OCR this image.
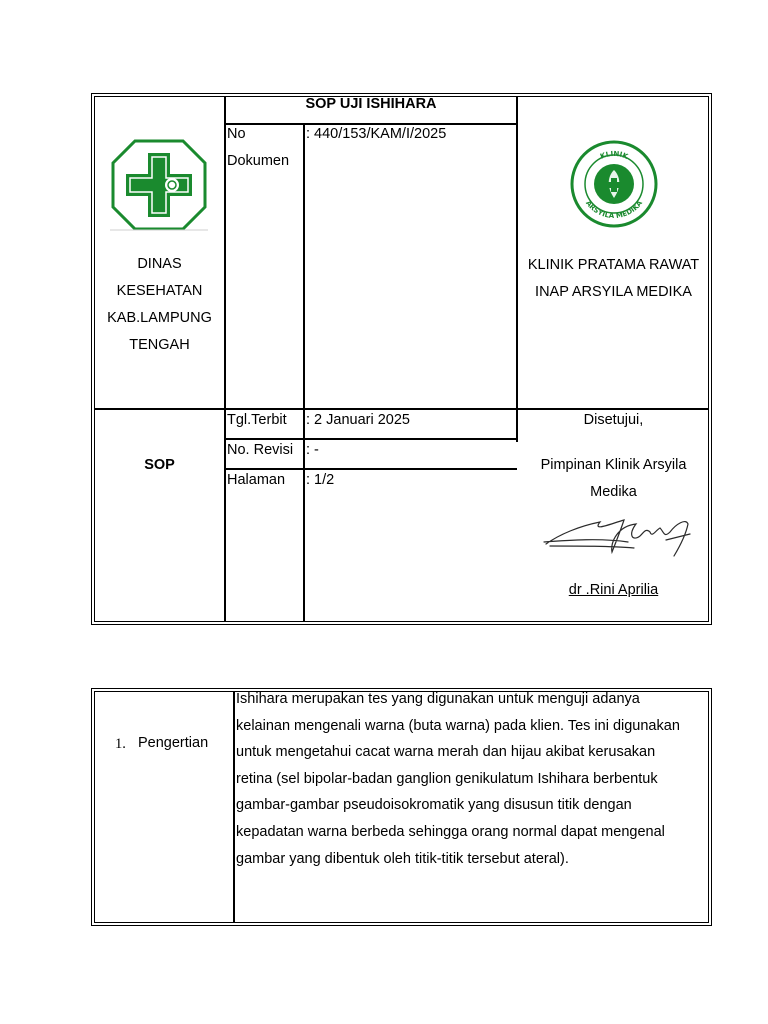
DINAS
KESEHATAN
KAB.LAMPUNG
TENGAH
SOP UJI ISHIHARA
No
Dokumen
: 440/153/KAM/I/2025
KLINIK
ARSYILA MEDIKA
KLINIK PRATAMA RAWAT
INAP ARSYILA MEDIKA
SOP
Tgl.Terbit : 2 Januari 2025
No. Revisi : -
Halaman : 1/2
Disetujui,
Pimpinan Klinik Arsyila
Medika
dr .Rini Aprilia
1. Pengertian
Ishihara merupakan tes yang digunakan untuk menguji adanya
kelainan mengenali warna (buta warna) pada klien. Tes ini digunakan
untuk mengetahui cacat warna merah dan hijau akibat kerusakan
retina (sel bipolar-badan ganglion genikulatum Ishihara berbentuk
gambar-gambar pseudoisokromatik yang disusun titik dengan
kepadatan warna berbeda sehingga orang normal dapat mengenal
gambar yang dibentuk oleh titik-titik tersebut ateral).
